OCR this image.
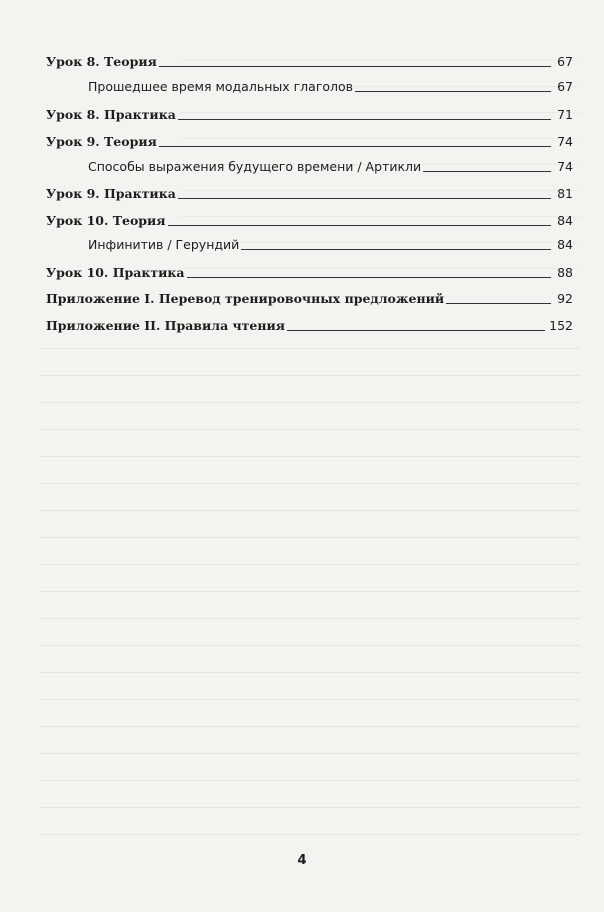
Урок 8. Теория	67
Прошедшее время модальных глаголов	67
Урок 8. Практика	71
Урок 9. Теория	74
Способы выражения будущего времени / Артикли	74
Урок 9. Практика	81
Урок 10. Теория	84
Инфинитив / Герундий	84
Урок 10. Практика	88
Приложение I. Перевод тренировочных предложений	92
Приложение II. Правила чтения	152
4
